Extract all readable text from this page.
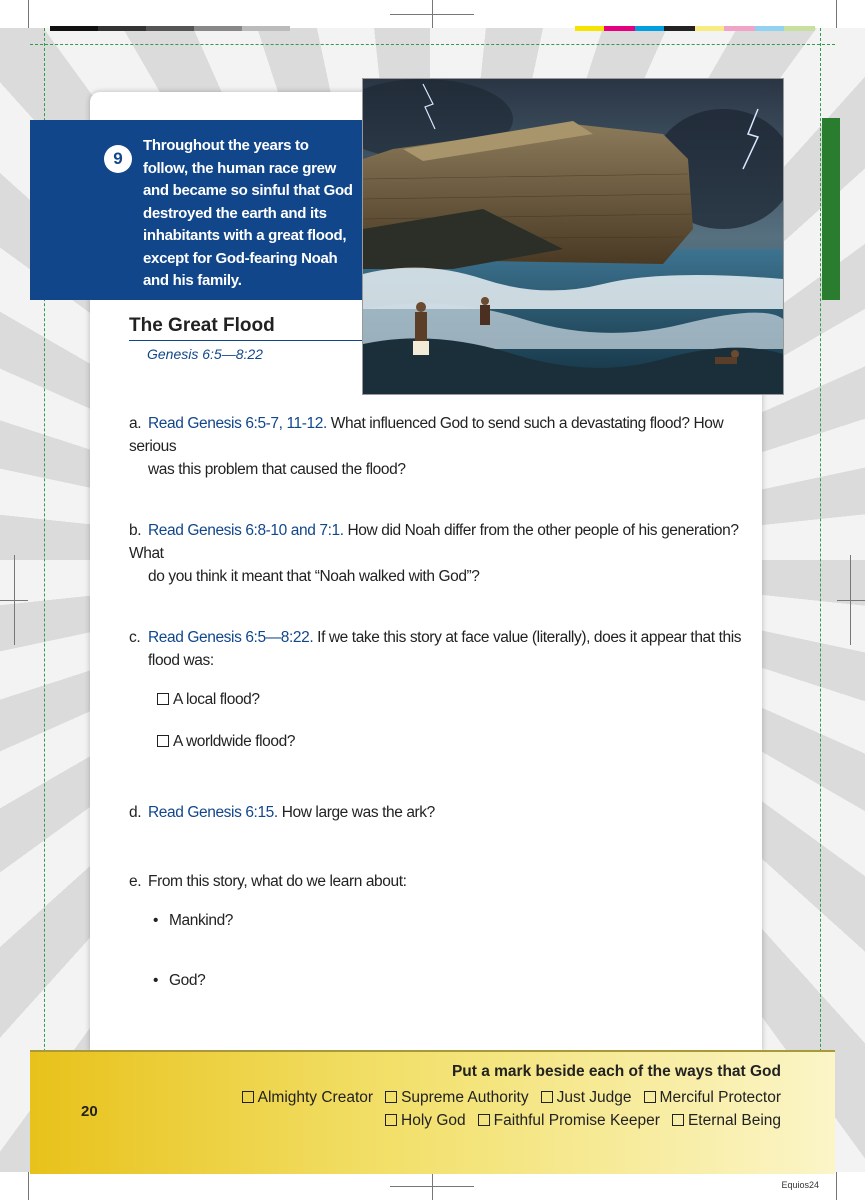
9
Throughout the years to follow, the human race grew and became so sinful that God destroyed the earth and its inhabitants with a great flood, except for God-fearing Noah and his family.
The Great Flood
Genesis 6:5—8:22
a. Read Genesis 6:5-7, 11-12. What influenced God to send such a devastating flood? How serious
was this problem that caused the flood?
b. Read Genesis 6:8-10 and 7:1. How did Noah differ from the other people of his generation? What
do you think it meant that “Noah walked with God”?
c. Read Genesis 6:5—8:22. If we take this story at face value (literally), does it appear that this
flood was:
A local flood?
A worldwide flood?
d. Read Genesis 6:15. How large was the ark?
e. From this story, what do we learn about:
• Mankind?
• God?
Put a mark beside each of the ways that God
Almighty Creator Supreme Authority Just Judge Merciful Protector
Holy God Faithful Promise Keeper Eternal Being
20
Equios24
